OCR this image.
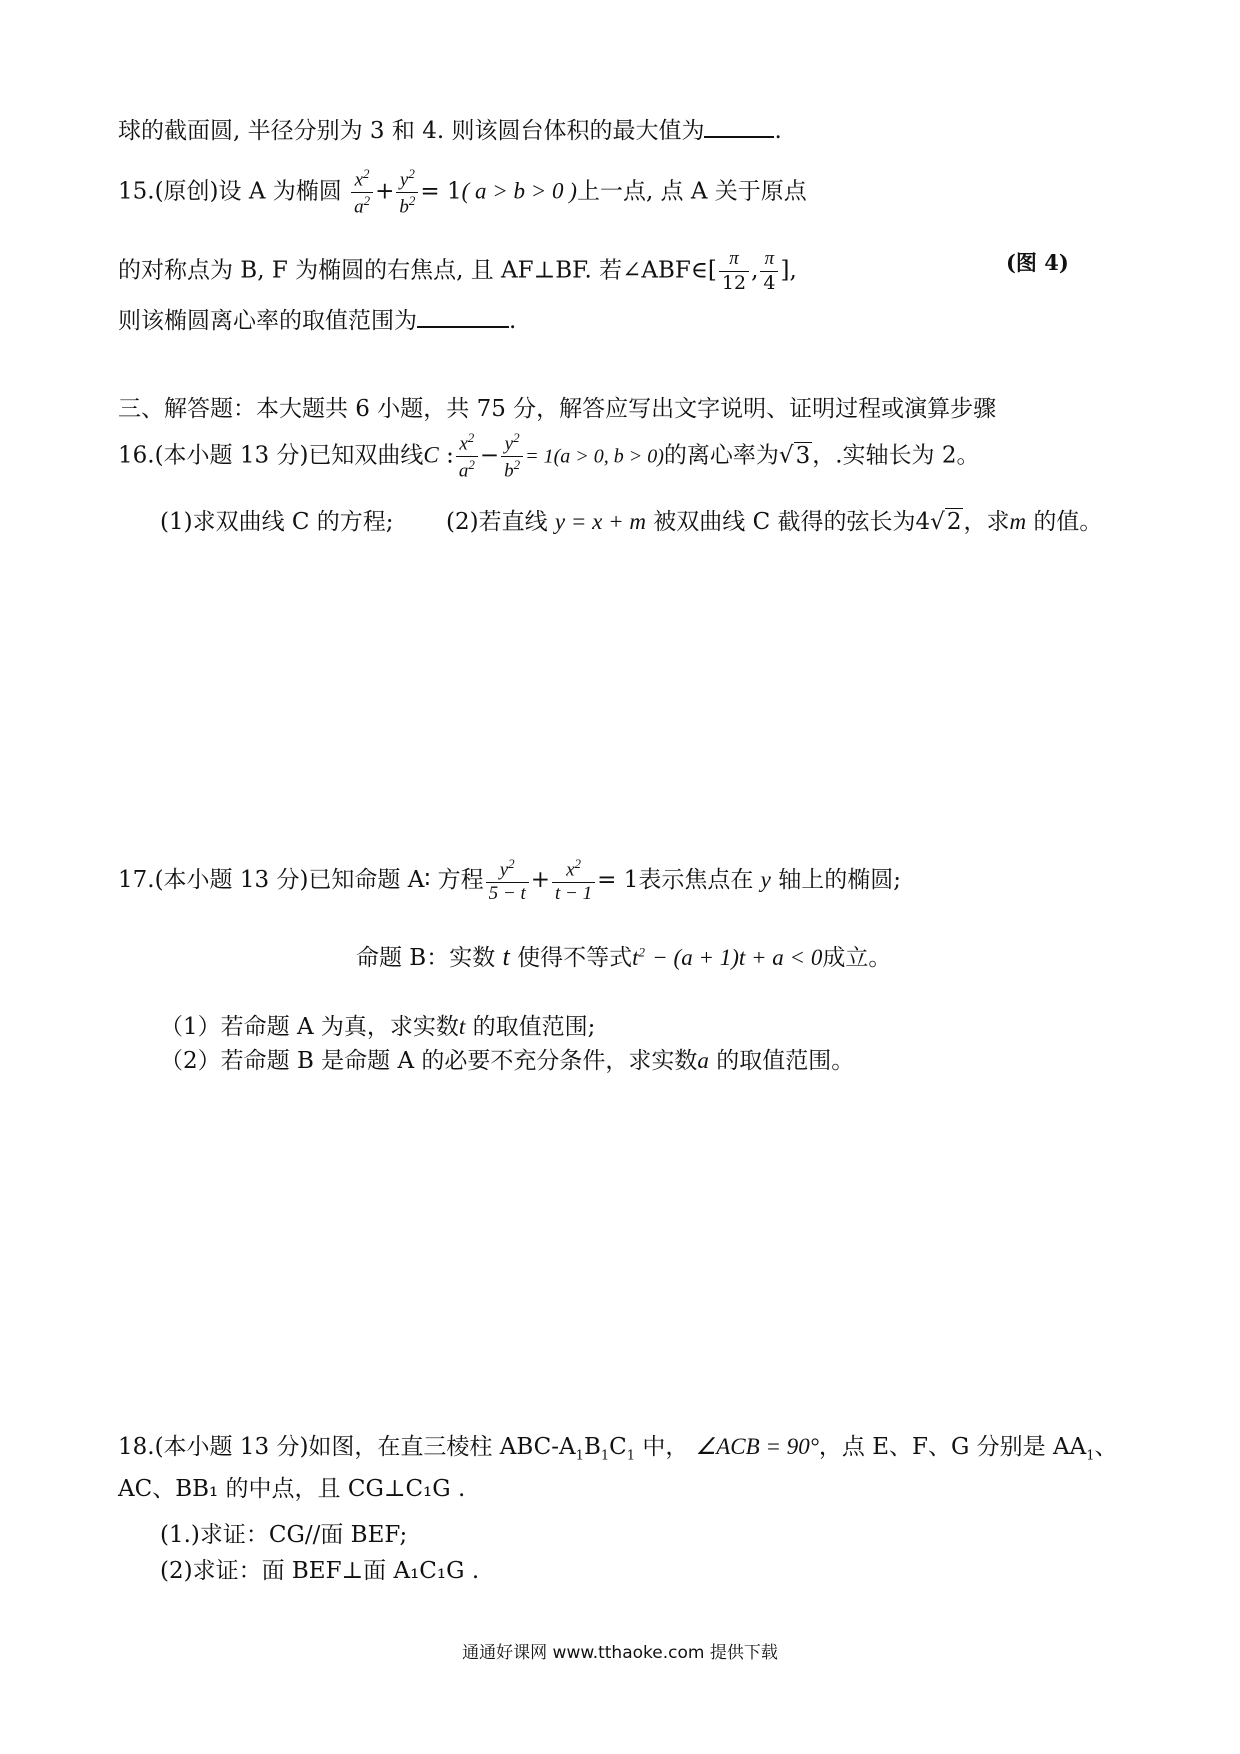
球的截面圆, 半径分别为 3 和 4. 则该圆台体积的最大值为	.
15.(原创)设 A 为椭圆 $\frac{x^2}{a^2} + \frac{y^2}{b^2} = 1$( a > b > 0 )上一点, 点 A 关于原点
的对称点为 B, F 为椭圆的右焦点, 且 AF⊥BF. 若∠ABF∈[ $\frac{\pi}{12}$ , $\frac{\pi}{4}$ ],	(图 4)
则该椭圆离心率的取值范围为	.
三、解答题：本大题共 6 小题，共 75 分，解答应写出文字说明、证明过程或演算步骤
16.(本小题 13 分)已知双曲线C : $\frac{x^2}{a^2} - \frac{y^2}{b^2} = 1(a > 0$, b > 0)的离心率为√3，.实轴长为 2。
(1)求双曲线 C 的方程; (2)若直线 y = x + m 被双曲线 C 截得的弦长为4√2，求m 的值。
17.(本小题 13 分)已知命题 A∶ 方程 $\frac{y^2}{5 - t} + \frac{x^2}{t - 1} = 1$表示焦点在 y 轴上的椭圆;
命题 B：实数 t 使得不等式$t^2 - (a + 1)t + a < 0$成立。
（1）若命题 A 为真，求实数t 的取值范围;
（2）若命题 B 是命题 A 的必要不充分条件，求实数a 的取值范围。
18.(本小题 13 分)如图，在直三棱柱 ABC-$A_1B_1C_1$ 中， ∠ACB = 90°，点 E、F、G 分别是 $AA_1$、
AC、BB₁ 的中点，且 CG⊥C₁G .
(1.)求证：CG//面 BEF;
(2)求证：面 BEF⊥面 A₁C₁G .
通通好课网 www.tthaoke.com 提供下载
